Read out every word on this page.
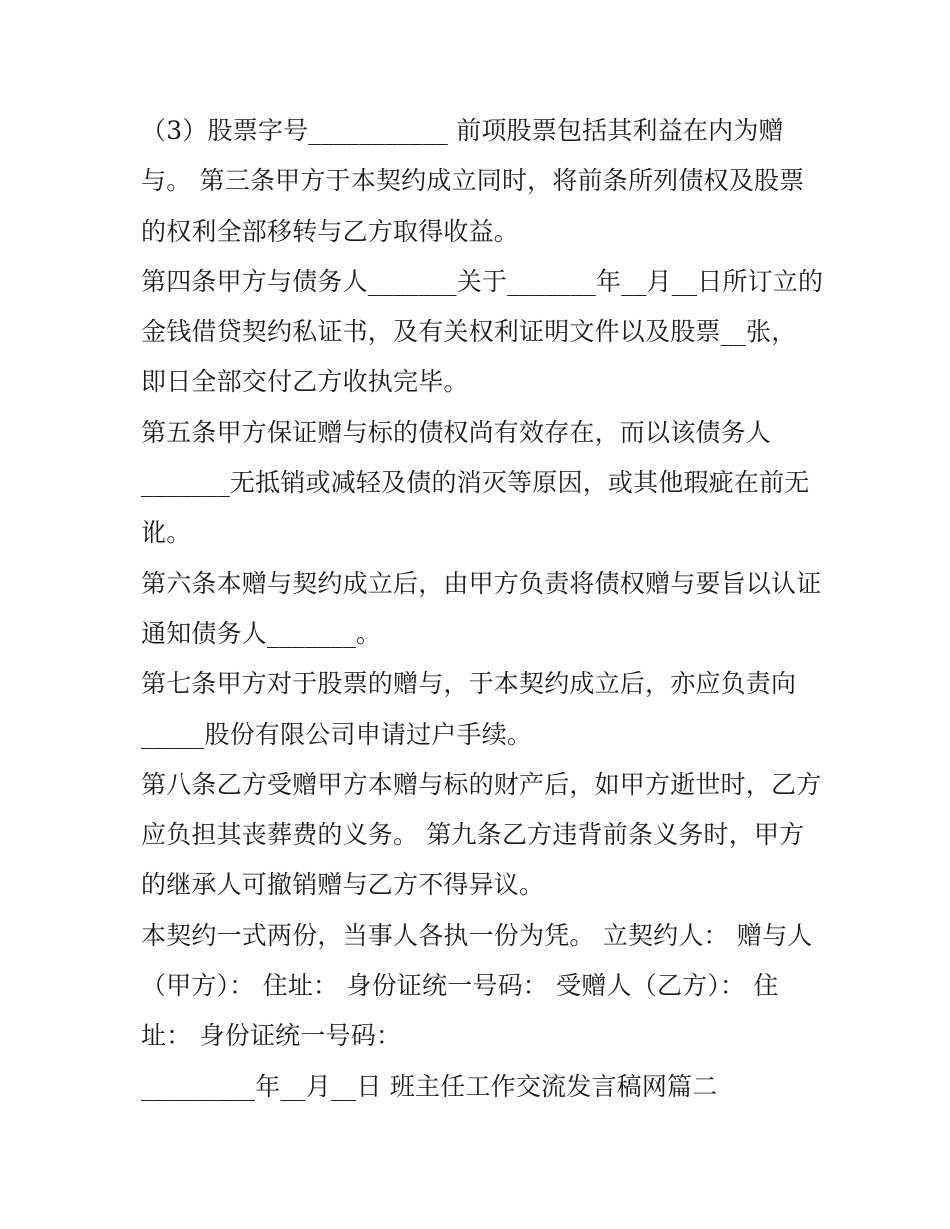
（3）股票字号___________ 前项股票包括其利益在内为赠
与。 第三条甲方于本契约成立同时，将前条所列债权及股票
的权利全部移转与乙方取得收益。
第四条甲方与债务人_______关于_______年__月__日所订立的
金钱借贷契约私证书，及有关权利证明文件以及股票__张，
即日全部交付乙方收执完毕。
第五条甲方保证赠与标的债权尚有效存在，而以该债务人
_______无抵销或减轻及债的消灭等原因，或其他瑕疵在前无
讹。
第六条本赠与契约成立后，由甲方负责将债权赠与要旨以认证
通知债务人_______。
第七条甲方对于股票的赠与，于本契约成立后，亦应负责向
_____股份有限公司申请过户手续。
第八条乙方受赠甲方本赠与标的财产后，如甲方逝世时，乙方
应负担其丧葬费的义务。 第九条乙方违背前条义务时，甲方
的继承人可撤销赠与乙方不得异议。
本契约一式两份，当事人各执一份为凭。 立契约人： 赠与人
（甲方）： 住址： 身份证统一号码： 受赠人（乙方）： 住
址： 身份证统一号码：
_________年__月__日 班主任工作交流发言稿网篇二
